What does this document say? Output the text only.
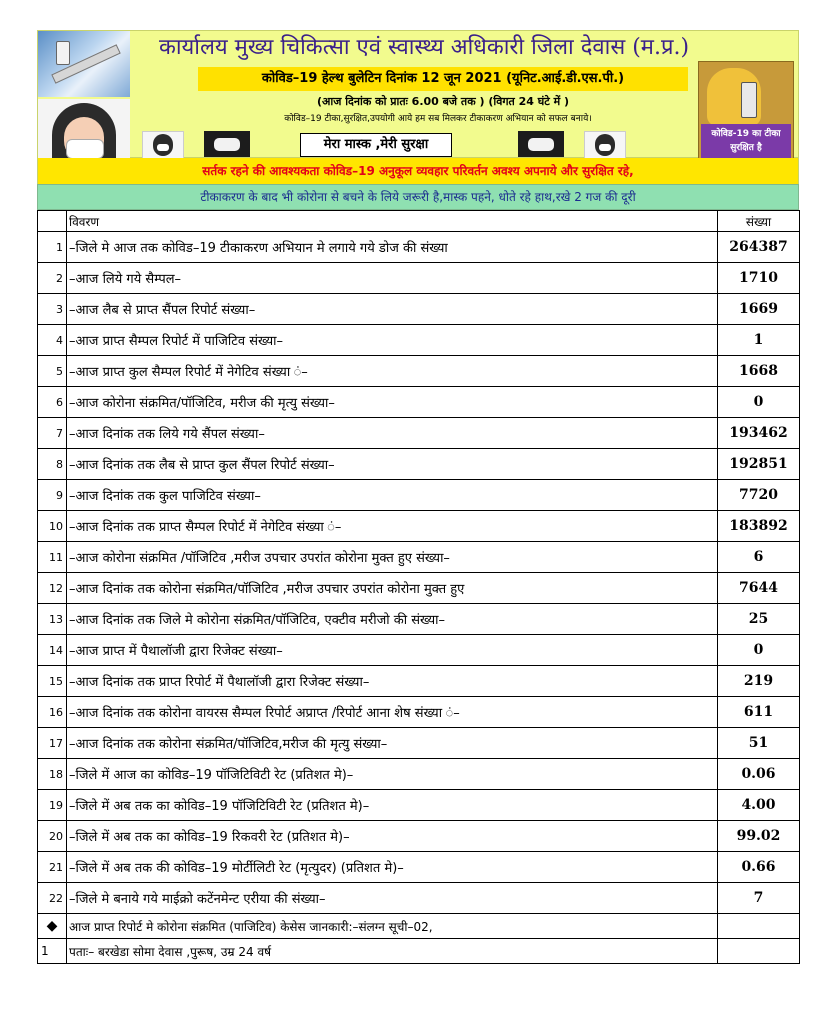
कार्यालय मुख्य चिकित्सा एवं स्वास्थ्य अधिकारी जिला देवास (म.प्र.)
कोविड–19 हेल्थ बुलेटिन दिनांक 12 जून 2021 (यूनिट.आई.डी.एस.पी.)
(आज दिनांक को प्रातः 6.00 बजे तक ) (विगत 24 घंटे में )
कोविड–19 टीका,सुरक्षित,उपयोगी आये हम सब मिलकर टीकाकरण अभियान को सफल बनाये।
कोविड-19 का टीका सुरक्षित है
मेरा मास्क ,मेरी सुरक्षा
सर्तक रहने की आवश्यकता कोविड–19 अनुकूल व्यवहार परिवर्तन अवश्य अपनाये और सुरक्षित रहे,
टीकाकरण के बाद भी कोरोना से बचने के लिये जरूरी है,मास्क पहने, धोते रहे हाथ,रखे 2 गज की दूरी
	विवरण	संख्या
1	–जिले मे आज तक कोविड–19 टीकाकरण अभियान मे लगाये गये डोज की संख्या	264387
2	–आज लिये गये सैम्पल–	1710
3	–आज लैब से प्राप्त सैंपल रिपोर्ट संख्या–	1669
4	–आज प्राप्त सैम्पल रिपोर्ट में पाजिटिव संख्या–	1
5	–आज प्राप्त कुल सैम्पल रिपोर्ट में नेगेटिव संख्या ं–	1668
6	–आज कोरोना संक्रमित/पॉजिटिव, मरीज की मृत्यु संख्या–	0
7	–आज दिनांक तक लिये गये सैंपल संख्या–	193462
8	–आज दिनांक तक लैब से प्राप्त कुल सैंपल रिपोर्ट संख्या–	192851
9	–आज दिनांक तक कुल पाजिटिव संख्या–	7720
10	–आज दिनांक तक प्राप्त सैम्पल रिपोर्ट में नेगेटिव संख्या ं–	183892
11	–आज कोरोना संक्रमित /पॉजिटिव ,मरीज उपचार उपरांत कोरोना मुक्त हुए संख्या–	6
12	–आज दिनांक तक कोरोना संक्रमित/पॉजिटिव ,मरीज उपचार उपरांत कोरोना मुक्त हुए	7644
13	–आज दिनांक तक जिले मे कोरोना संक्रमित/पॉजिटिव, एक्टीव मरीजो की संख्या–	25
14	–आज प्राप्त में पैथालॉजी द्वारा रिजेक्ट संख्या–	0
15	–आज दिनांक तक प्राप्त रिपोर्ट में पैथालॉजी द्वारा रिजेक्ट संख्या–	219
16	–आज दिनांक तक कोरोना वायरस सैम्पल रिपोर्ट अप्राप्त /रिपोर्ट आना शेष संख्या ं–	611
17	–आज दिनांक तक कोरोना संक्रमित/पॉजिटिव,मरीज की मृत्यु संख्या–	51
18	–जिले में आज का कोविड–19 पॉजिटिविटी रेट (प्रतिशत मे)–	0.06
19	–जिले में अब तक का कोविड–19 पॉजिटिविटी रेट (प्रतिशत मे)–	4.00
20	–जिले में अब तक का कोविड–19 रिकवरी रेट (प्रतिशत मे)–	99.02
21	–जिले में अब तक की कोविड–19 मोर्टीलिटी रेट (मृत्युदर) (प्रतिशत मे)–	0.66
22	–जिले मे बनाये गये माईक्रो कटेंनमेन्ट एरीया की संख्या–	7
◆	आज प्राप्त रिपोर्ट मे कोरोना संक्रमित (पाजिटिव) केसेस जानकारी:–संलग्न सूची–02,	
1	पताः– बरखेडा सोमा देवास ,पुरूष, उम्र 24 वर्ष	
